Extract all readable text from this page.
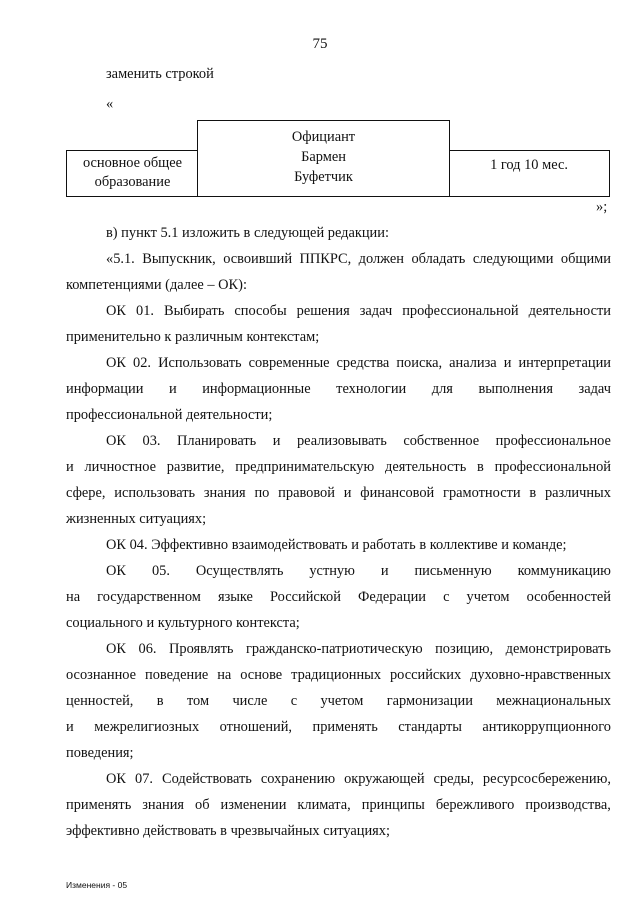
75
заменить строкой
«
Официант
Бармен
Буфетчик
основное общее
образование
1 год 10 мес.
»;
в) пункт 5.1 изложить в следующей редакции:
«5.1. Выпускник, освоивший ППКРС, должен обладать следующими общими
компетенциями (далее – ОК):
ОК 01. Выбирать способы решения задач профессиональной деятельности
применительно к различным контекстам;
ОК 02. Использовать современные средства поиска, анализа и интерпретации
информации и информационные технологии для выполнения задач
профессиональной деятельности;
ОК 03. Планировать и реализовывать собственное профессиональное
и личностное развитие, предпринимательскую деятельность в профессиональной
сфере, использовать знания по правовой и финансовой грамотности в различных
жизненных ситуациях;
ОК 04. Эффективно взаимодействовать и работать в коллективе и команде;
ОК 05. Осуществлять устную и письменную коммуникацию
на государственном языке Российской Федерации с учетом особенностей
социального и культурного контекста;
ОК 06. Проявлять гражданско-патриотическую позицию, демонстрировать
осознанное поведение на основе традиционных российских духовно-нравственных
ценностей, в том числе с учетом гармонизации межнациональных
и межрелигиозных отношений, применять стандарты антикоррупционного
поведения;
ОК 07. Содействовать сохранению окружающей среды, ресурсосбережению,
применять знания об изменении климата, принципы бережливого производства,
эффективно действовать в чрезвычайных ситуациях;
Изменения - 05
